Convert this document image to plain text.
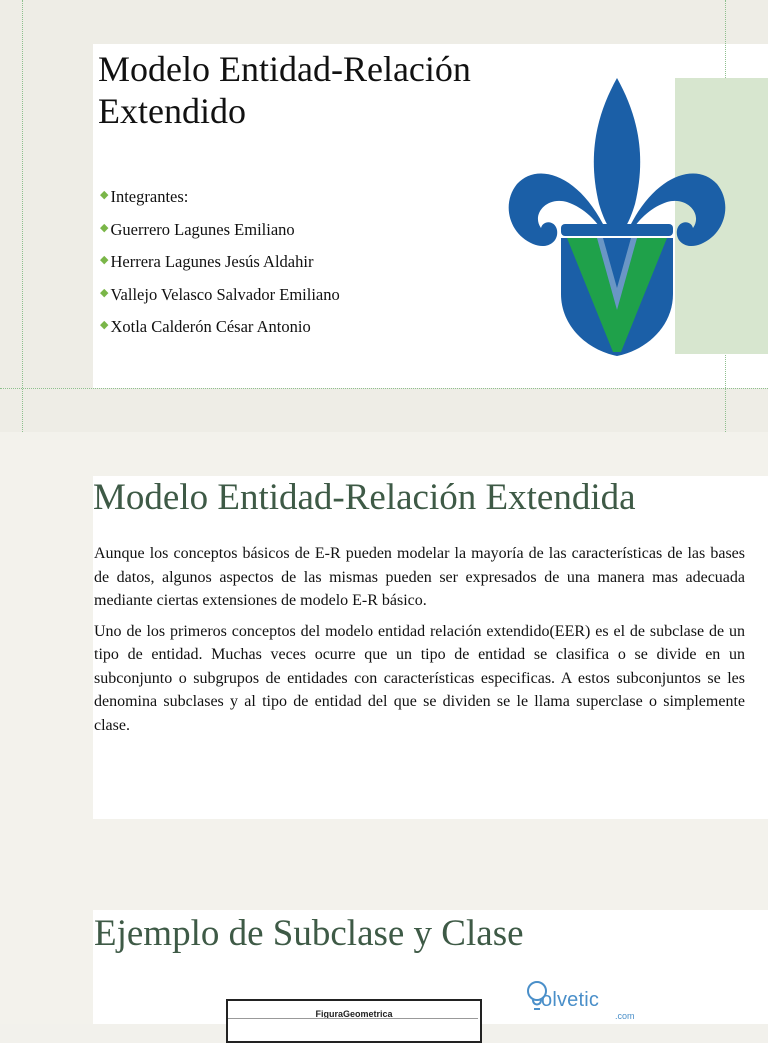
Modelo Entidad-Relación
Extendido
◆ Integrantes:
◆ Guerrero Lagunes Emiliano
◆ Herrera Lagunes Jesús Aldahir
◆ Vallejo Velasco Salvador Emiliano
◆ Xotla Calderón César Antonio
Modelo Entidad-Relación Extendida

Aunque los conceptos básicos de E-R pueden modelar la mayoría de las características de las bases de datos, algunos aspectos de las mismas pueden ser expresados de una manera mas adecuada mediante ciertas extensiones de modelo E-R básico.

Uno de los primeros conceptos del modelo entidad relación extendido(EER) es el de subclase de un tipo de entidad. Muchas veces ocurre que un tipo de entidad se clasifica o se divide en un subconjunto o subgrupos de entidades con características especificas. A estos subconjuntos se les denomina subclases y al tipo de entidad del que se dividen se le llama superclase o simplemente clase.

Ejemplo de Subclase y Clase
FiguraGeometrica
olvetic
.com
